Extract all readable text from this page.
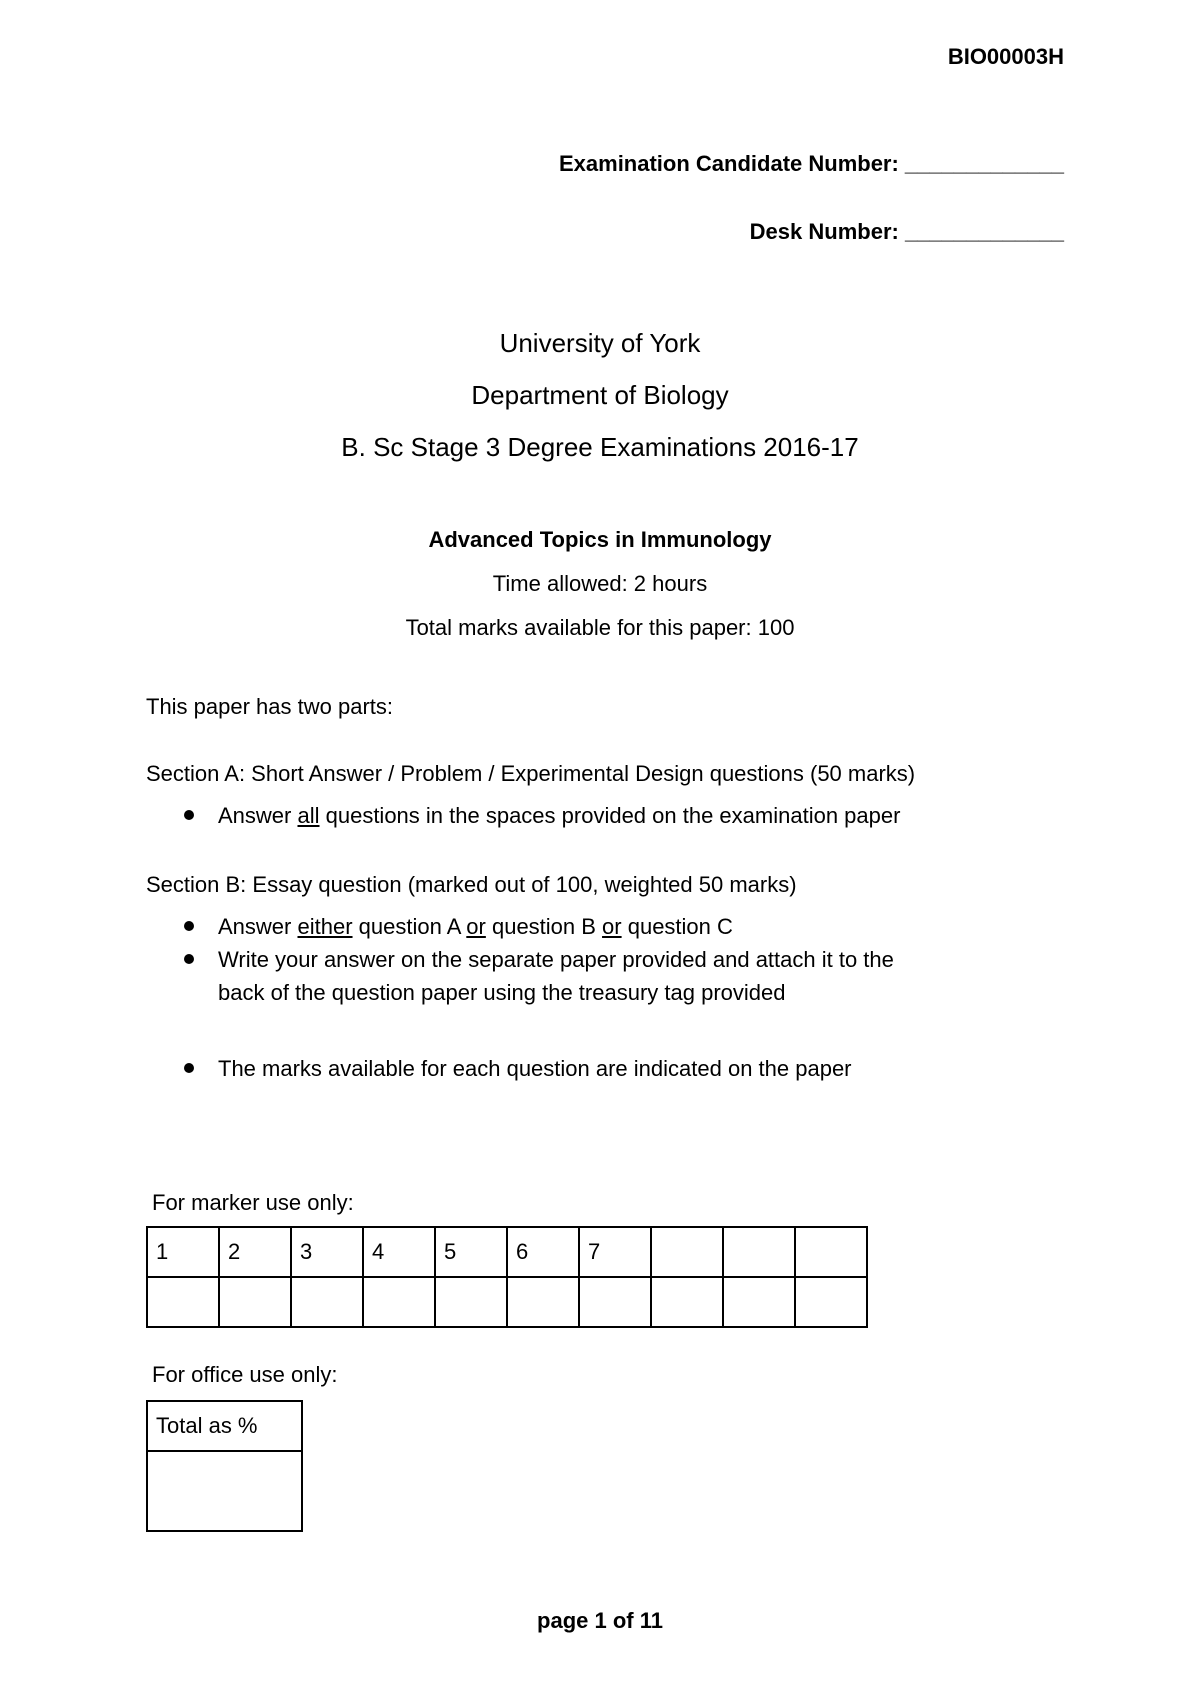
BIO00003H
Examination Candidate Number: _____________
Desk Number: _____________
University of York
Department of Biology
B. Sc Stage 3 Degree Examinations 2016-17
Advanced Topics in Immunology
Time allowed: 2 hours
Total marks available for this paper: 100
This paper has two parts:
Section A: Short Answer / Problem / Experimental Design questions (50 marks)
Answer all questions in the spaces provided on the examination paper
Section B: Essay question (marked out of 100, weighted 50 marks)
Answer either question A or question B or question C
Write your answer on the separate paper provided and attach it to the
back of the question paper using the treasury tag provided
The marks available for each question are indicated on the paper
For marker use only:
1	2	3	4	5	6	7			

For office use only:
Total as %

page 1 of 11
